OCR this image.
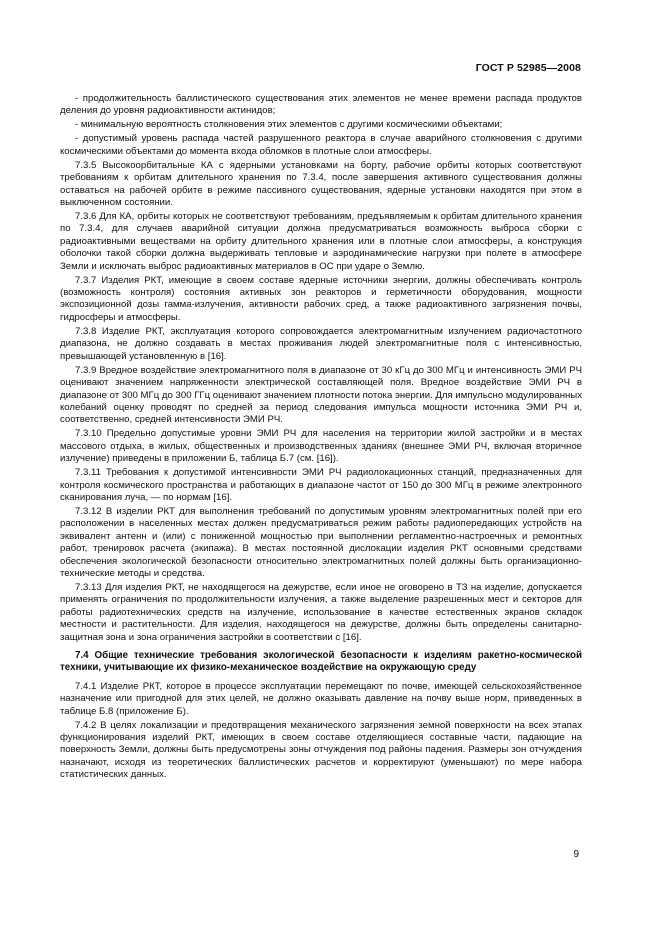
ГОСТ Р 52985—2008

- продолжительность баллистического существования этих элементов не менее времени распада продуктов деления до уровня радиоактивности актинидов;

- минимальную вероятность столкновения этих элементов с другими космическими объектами;

- допустимый уровень распада частей разрушенного реактора в случае аварийного столкновения с другими космическими объектами до момента входа обломков в плотные слои атмосферы.

7.3.5 Высокоорбитальные КА с ядерными установками на борту, рабочие орбиты которых соответствуют требованиям к орбитам длительного хранения по 7.3.4, после завершения активного существования должны оставаться на рабочей орбите в режиме пассивного существования, ядерные установки находятся при этом в выключенном состоянии.

7.3.6 Для КА, орбиты которых не соответствуют требованиям, предъявляемым к орбитам длительного хранения по 7.3.4, для случаев аварийной ситуации должна предусматриваться возможность выброса сборки с радиоактивными веществами на орбиту длительного хранения или в плотные слои атмосферы, а конструкция оболочки такой сборки должна выдерживать тепловые и аэродинамические нагрузки при полете в атмосфере Земли и исключать выброс радиоактивных материалов в ОС при ударе о Землю.

7.3.7 Изделия РКТ, имеющие в своем составе ядерные источники энергии, должны обеспечивать контроль (возможность контроля) состояния активных зон реакторов и герметичности оборудования, мощности экспозиционной дозы гамма-излучения, активности рабочих сред, а также радиоактивного загрязнения почвы, гидросферы и атмосферы.

7.3.8 Изделие РКТ, эксплуатация которого сопровождается электромагнитным излучением радиочастотного диапазона, не должно создавать в местах проживания людей электромагнитные поля с интенсивностью, превышающей установленную в [16].

7.3.9 Вредное воздействие электромагнитного поля в диапазоне от 30 кГц до 300 МГц и интенсивность ЭМИ РЧ оценивают значением напряженности электрической составляющей поля. Вредное воздействие ЭМИ РЧ в диапазоне от 300 МГц до 300 ГГц оценивают значением плотности потока энергии. Для импульсно модулированных колебаний оценку проводят по средней за период следования импульса мощности источника ЭМИ РЧ и, соответственно, средней интенсивности ЭМИ РЧ.

7.3.10 Предельно допустимые уровни ЭМИ РЧ для населения на территории жилой застройки и в местах массового отдыха, в жилых, общественных и производственных зданиях (внешнее ЭМИ РЧ, включая вторичное излучение) приведены в приложении Б, таблица Б.7 (см. [16]).

7.3.11 Требования к допустимой интенсивности ЭМИ РЧ радиолокационных станций, предназначенных для контроля космического пространства и работающих в диапазоне частот от 150 до 300 МГц в режиме электронного сканирования луча, — по нормам [16].

7.3.12 В изделии РКТ для выполнения требований по допустимым уровням электромагнитных полей при его расположении в населенных местах должен предусматриваться режим работы радиопередающих устройств на эквивалент антенн и (или) с пониженной мощностью при выполнении регламентно-настроечных и ремонтных работ, тренировок расчета (экипажа). В местах постоянной дислокации изделия РКТ основными средствами обеспечения экологической безопасности относительно электромагнитных полей должны быть организационно-технические методы и средства.

7.3.13 Для изделия РКТ, не находящегося на дежурстве, если иное не оговорено в ТЗ на изделие, допускается применять ограничения по продолжительности излучения, а также выделение разрешенных мест и секторов для работы радиотехнических средств на излучение, использование в качестве естественных экранов складок местности и растительности. Для изделия, находящегося на дежурстве, должны быть определены санитарно-защитная зона и зона ограничения застройки в соответствии с [16].

7.4 Общие технические требования экологической безопасности к изделиям ракетно-космической техники, учитывающие их физико-механическое воздействие на окружающую среду

7.4.1 Изделие РКТ, которое в процессе эксплуатации перемещают по почве, имеющей сельскохозяйственное назначение или пригодной для этих целей, не должно оказывать давление на почву выше норм, приведенных в таблице Б.8 (приложение Б).

7.4.2 В целях локализации и предотвращения механического загрязнения земной поверхности на всех этапах функционирования изделий РКТ, имеющих в своем составе отделяющиеся составные части, падающие на поверхность Земли, должны быть предусмотрены зоны отчуждения под районы падения. Размеры зон отчуждения назначают, исходя из теоретических баллистических расчетов и корректируют (уменьшают) по мере набора статистических данных.

9
